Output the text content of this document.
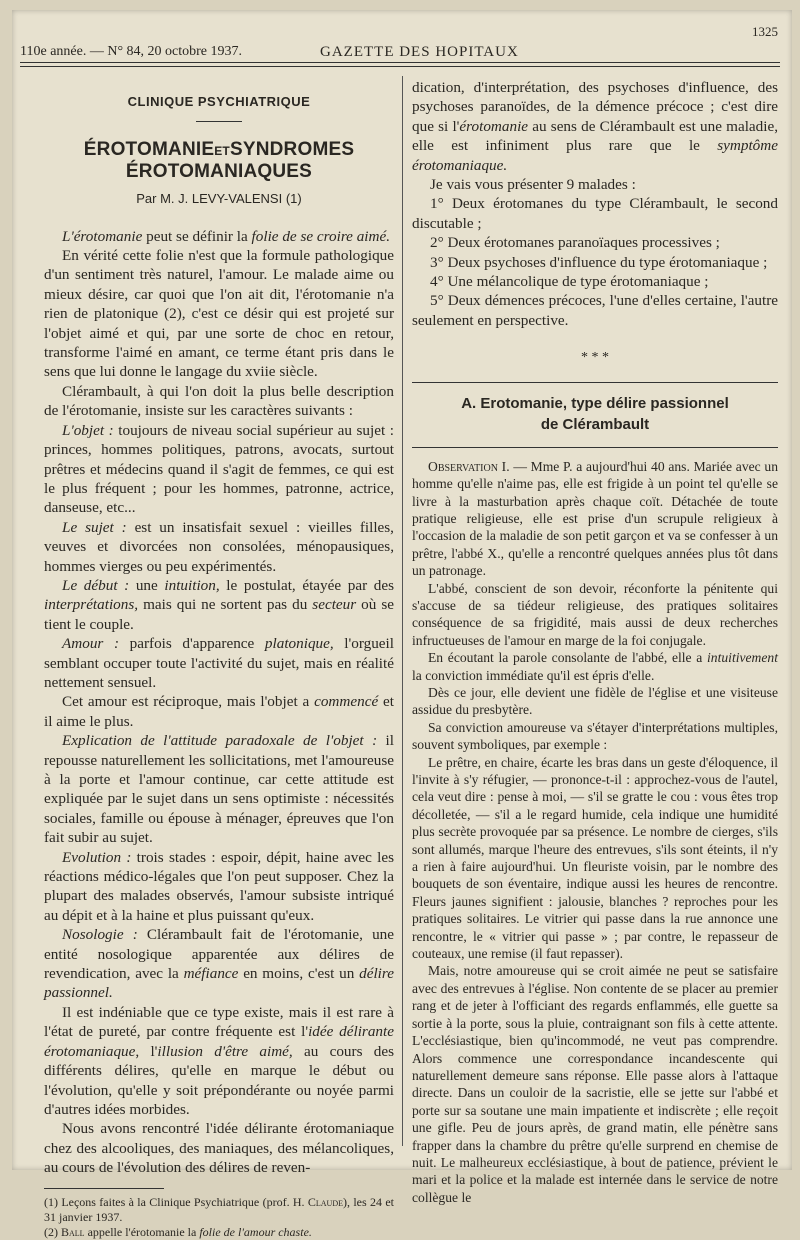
110e année. — N° 84, 20 octobre 1937.	GAZETTE DES HOPITAUX
1325
CLINIQUE PSYCHIATRIQUE
ÉROTOMANIEETSYNDROMES ÉROTOMANIAQUES
Par M. J. LEVY-VALENSI (1)

L'érotomanie peut se définir la folie de se croire aimé.

En vérité cette folie n'est que la formule pathologique d'un sentiment très naturel, l'amour. Le malade aime ou mieux désire, car quoi que l'on ait dit, l'érotomanie n'a rien de platonique (2), c'est ce désir qui est projeté sur l'objet aimé et qui, par une sorte de choc en retour, transforme l'aimé en amant, ce terme étant pris dans le sens que lui donne le langage du xviie siècle.

Clérambault, à qui l'on doit la plus belle description de l'érotomanie, insiste sur les caractères suivants :

L'objet : toujours de niveau social supérieur au sujet : princes, hommes politiques, patrons, avocats, surtout prêtres et médecins quand il s'agit de femmes, ce qui est le plus fréquent ; pour les hommes, patronne, actrice, danseuse, etc...

Le sujet : est un insatisfait sexuel : vieilles filles, veuves et divorcées non consolées, ménopausiques, hommes vierges ou peu expérimentés.

Le début : une intuition, le postulat, étayée par des interprétations, mais qui ne sortent pas du secteur où se tient le couple.

Amour : parfois d'apparence platonique, l'orgueil semblant occuper toute l'activité du sujet, mais en réalité nettement sensuel.

Cet amour est réciproque, mais l'objet a commencé et il aime le plus.

Explication de l'attitude paradoxale de l'objet : il repousse naturellement les sollicitations, met l'amoureuse à la porte et l'amour continue, car cette attitude est expliquée par le sujet dans un sens optimiste : nécessités sociales, famille ou épouse à ménager, épreuves que l'on fait subir au sujet.

Evolution : trois stades : espoir, dépit, haine avec les réactions médico-légales que l'on peut supposer. Chez la plupart des malades observés, l'amour subsiste intriqué au dépit et à la haine et plus puissant qu'eux.

Nosologie : Clérambault fait de l'érotomanie, une entité nosologique apparentée aux délires de revendication, avec la méfiance en moins, c'est un délire passionnel.

Il est indéniable que ce type existe, mais il est rare à l'état de pureté, par contre fréquente est l'idée délirante érotomaniaque, l'illusion d'être aimé, au cours des différents délires, qu'elle en marque le début ou l'évolution, qu'elle y soit prépondérante ou noyée parmi d'autres idées morbides.

Nous avons rencontré l'idée délirante érotomaniaque chez des alcooliques, des maniaques, des mélancoliques, au cours de l'évolution des délires de reven-

(1) Leçons faites à la Clinique Psychiatrique (prof. H. Claude), les 24 et 31 janvier 1937.

(2) Ball appelle l'érotomanie la folie de l'amour chaste.

dication, d'interprétation, des psychoses d'influence, des psychoses paranoïdes, de la démence précoce ; c'est dire que si l'érotomanie au sens de Clérambault est une maladie, elle est infiniment plus rare que le symptôme érotomaniaque.

Je vais vous présenter 9 malades :

1° Deux érotomanes du type Clérambault, le second discutable ;

2° Deux érotomanes paranoïaques processives ;

3° Deux psychoses d'influence du type érotomaniaque ;

4° Une mélancolique de type érotomaniaque ;

5° Deux démences précoces, l'une d'elles certaine, l'autre seulement en perspective.

* * *
A. Erotomanie, type délire passionnel
de Clérambault

Observation I. — Mme P. a aujourd'hui 40 ans. Mariée avec un homme qu'elle n'aime pas, elle est frigide à un point tel qu'elle se livre à la masturbation après chaque coït. Détachée de toute pratique religieuse, elle est prise d'un scrupule religieux à l'occasion de la maladie de son petit garçon et va se confesser à un prêtre, l'abbé X., qu'elle a rencontré quelques années plus tôt dans un patronage.

L'abbé, conscient de son devoir, réconforte la pénitente qui s'accuse de sa tiédeur religieuse, des pratiques solitaires conséquence de sa frigidité, mais aussi de deux recherches infructueuses de l'amour en marge de la foi conjugale.

En écoutant la parole consolante de l'abbé, elle a intuitivement la conviction immédiate qu'il est épris d'elle.

Dès ce jour, elle devient une fidèle de l'église et une visiteuse assidue du presbytère.

Sa conviction amoureuse va s'étayer d'interprétations multiples, souvent symboliques, par exemple :

Le prêtre, en chaire, écarte les bras dans un geste d'éloquence, il l'invite à s'y réfugier, — prononce-t-il : approchez-vous de l'autel, cela veut dire : pense à moi, — s'il se gratte le cou : vous êtes trop décolletée, — s'il a le regard humide, cela indique une humidité plus secrète provoquée par sa présence. Le nombre de cierges, s'ils sont allumés, marque l'heure des entrevues, s'ils sont éteints, il n'y a rien à faire aujourd'hui. Un fleuriste voisin, par le nombre des bouquets de son éventaire, indique aussi les heures de rencontre. Fleurs jaunes signifient : jalousie, blanches ? reproches pour les pratiques solitaires. Le vitrier qui passe dans la rue annonce une rencontre, le « vitrier qui passe » ; par contre, le repasseur de couteaux, une remise (il faut repasser).

Mais, notre amoureuse qui se croit aimée ne peut se satisfaire avec des entrevues à l'église. Non contente de se placer au premier rang et de jeter à l'officiant des regards enflammés, elle guette sa sortie à la porte, sous la pluie, contraignant son fils à cette attente. L'ecclésiastique, bien qu'incommodé, ne veut pas comprendre. Alors commence une correspondance incandescente qui naturellement demeure sans réponse. Elle passe alors à l'attaque directe. Dans un couloir de la sacristie, elle se jette sur l'abbé et porte sur sa soutane une main impatiente et indiscrète ; elle reçoit une gifle. Peu de jours après, de grand matin, elle pénètre sans frapper dans la chambre du prêtre qu'elle surprend en chemise de nuit. Le malheureux ecclésiastique, à bout de patience, prévient le mari et la police et la malade est internée dans le service de notre collègue le
